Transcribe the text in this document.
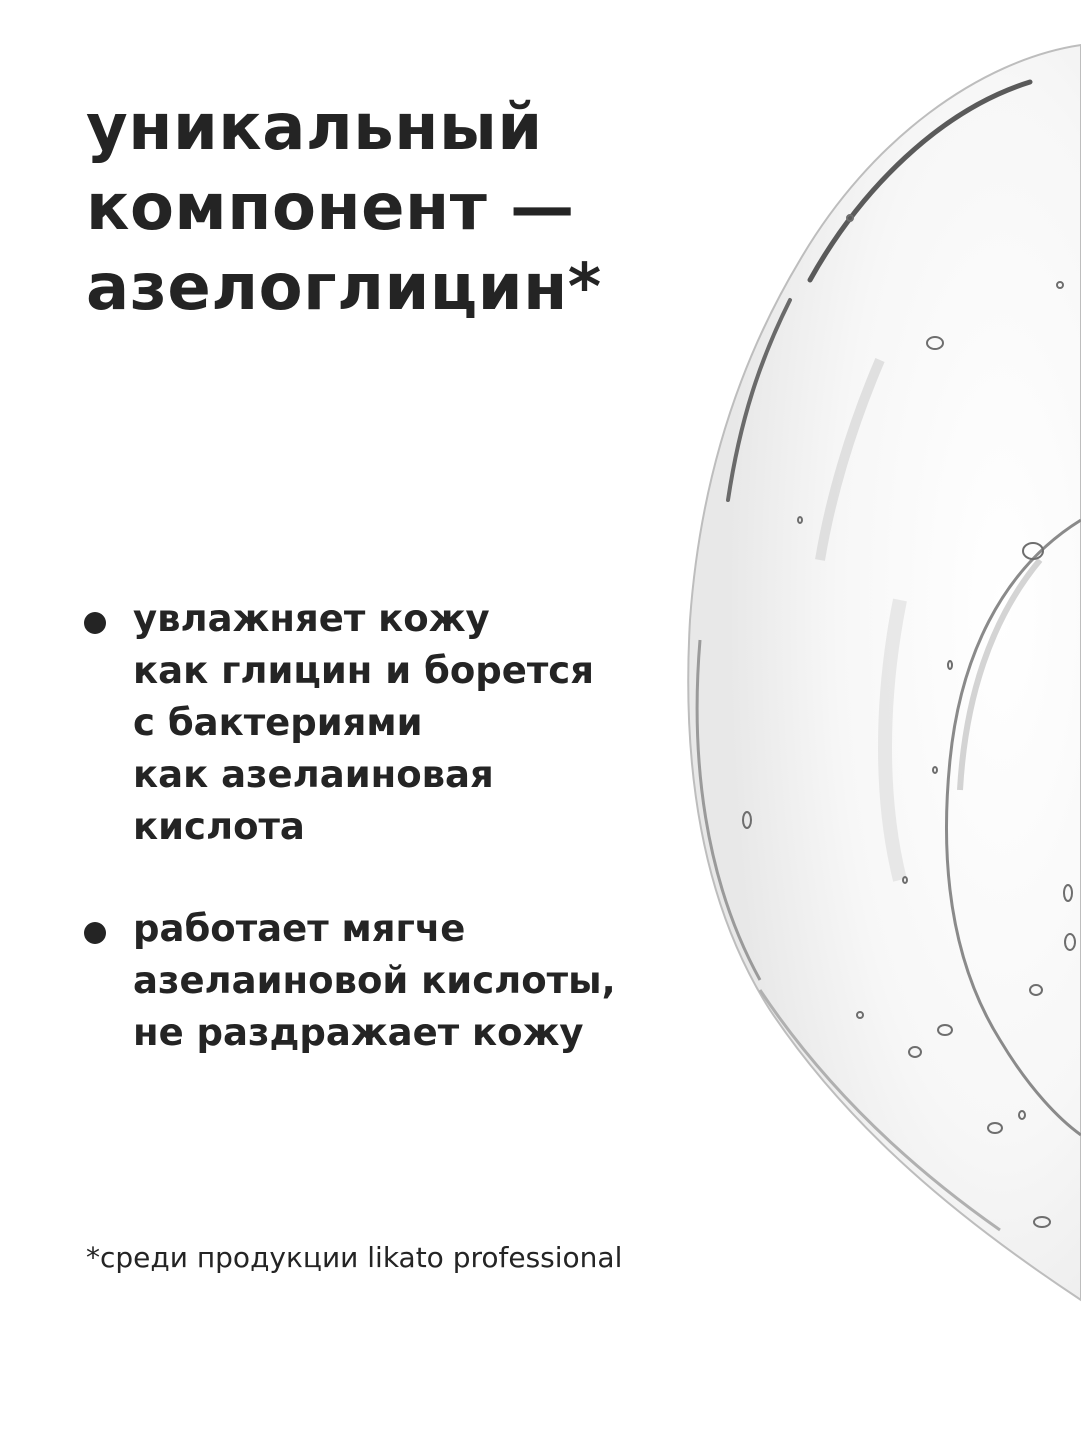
уникальный
компонент —
азелоглицин*
увлажняет кожу
как глицин и борется
с бактериями
как азелаиновая
кислота
работает мягче
азелаиновой кислоты,
не раздражает кожу
*среди продукции likato professional
